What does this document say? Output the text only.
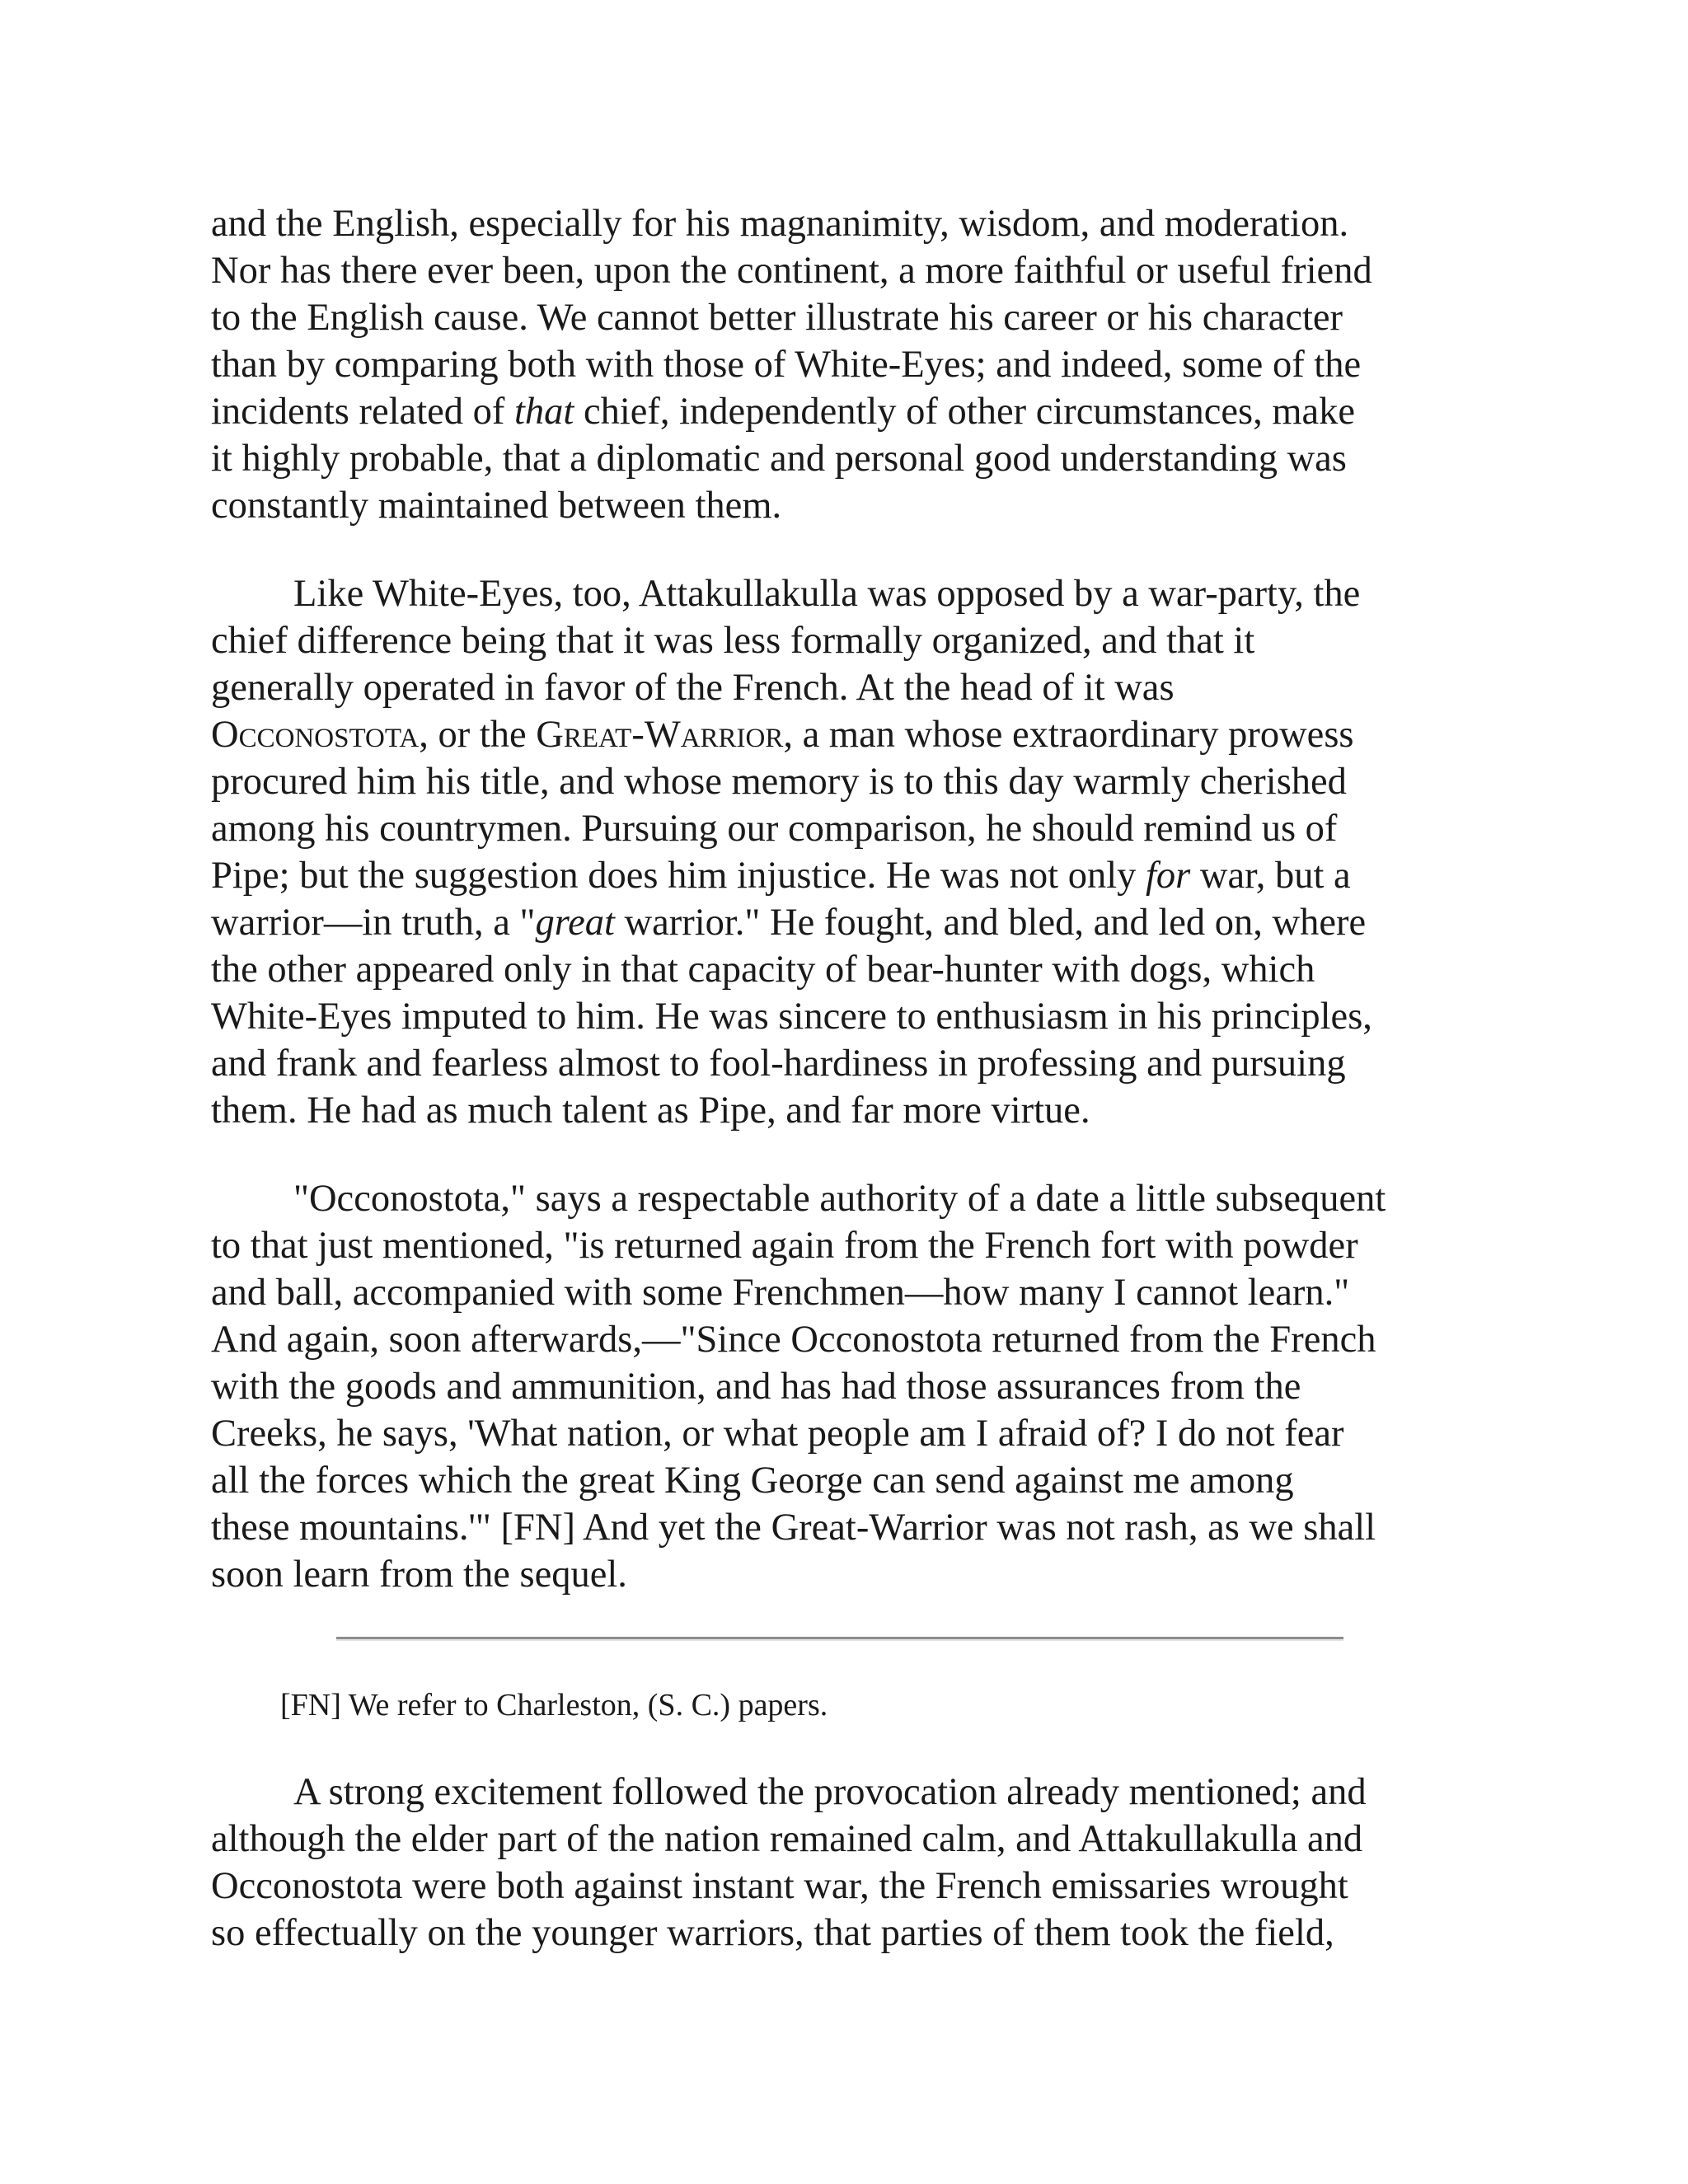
and the English, especially for his magnanimity, wisdom, and moderation.
Nor has there ever been, upon the continent, a more faithful or useful friend
to the English cause. We cannot better illustrate his career or his character
than by comparing both with those of White-Eyes; and indeed, some of the
incidents related of that chief, independently of other circumstances, make
it highly probable, that a diplomatic and personal good understanding was
constantly maintained between them.
Like White-Eyes, too, Attakullakulla was opposed by a war-party, the
chief difference being that it was less formally organized, and that it
generally operated in favor of the French. At the head of it was
Occonostota, or the Great-Warrior, a man whose extraordinary prowess
procured him his title, and whose memory is to this day warmly cherished
among his countrymen. Pursuing our comparison, he should remind us of
Pipe; but the suggestion does him injustice. He was not only for war, but a
warrior—in truth, a "great warrior." He fought, and bled, and led on, where
the other appeared only in that capacity of bear-hunter with dogs, which
White-Eyes imputed to him. He was sincere to enthusiasm in his principles,
and frank and fearless almost to fool-hardiness in professing and pursuing
them. He had as much talent as Pipe, and far more virtue.
"Occonostota," says a respectable authority of a date a little subsequent
to that just mentioned, "is returned again from the French fort with powder
and ball, accompanied with some Frenchmen—how many I cannot learn."
And again, soon afterwards,—"Since Occonostota returned from the French
with the goods and ammunition, and has had those assurances from the
Creeks, he says, 'What nation, or what people am I afraid of? I do not fear
all the forces which the great King George can send against me among
these mountains.'" [FN] And yet the Great-Warrior was not rash, as we shall
soon learn from the sequel.

[FN] We refer to Charleston, (S. C.) papers.

A strong excitement followed the provocation already mentioned; and
although the elder part of the nation remained calm, and Attakullakulla and
Occonostota were both against instant war, the French emissaries wrought
so effectually on the younger warriors, that parties of them took the field,
